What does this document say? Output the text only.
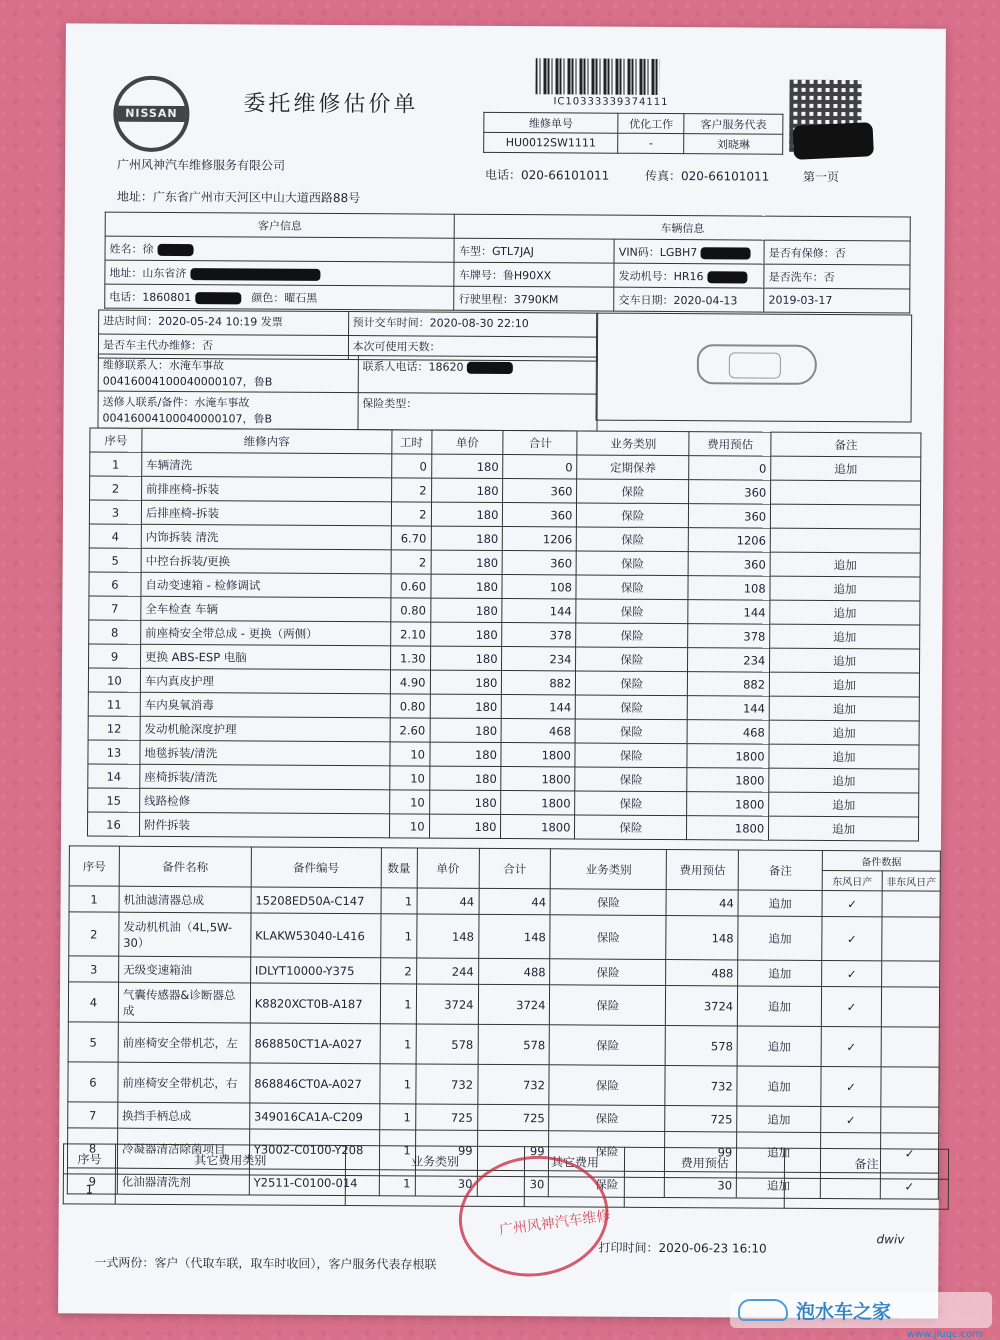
NISSAN	委托维修估价单	IC10333339374111
维修单号	优化工作	客户服务代表
HU0012SW1111	-	刘晓琳
广州风神汽车维修服务有限公司
电话：020-66101011	传真：020-66101011	第一页
地址：广东省广州市天河区中山大道西路88号
客户信息	车辆信息		
姓名：徐	车型：GTL7JAJ	VIN码：LGBH7	是否有保修：否
地址：山东省济	车牌号：鲁H90XX	发动机号：HR16	是否洗车：否
电话：1860801 颜色：曜石黑	行驶里程：3790KM	交车日期：2020-04-13	2019-03-17
进店时间：2020-05-24 10:19 发票	预计交车时间：2020-08-30 22:10
是否车主代办维修：否	本次可使用天数：
维修联系人：水淹车事故
00416004100040000107，鲁B	联系人电话：18620

送修人联系/备件：水淹车事故
00416004100040000107，鲁B	保险类型：
序号	维修内容	工时	单价	合计	业务类别	费用预估	备注
1	车辆清洗	0	180	0	定期保养	0	追加
2	前排座椅-拆装	2	180	360	保险	360	
3	后排座椅-拆装	2	180	360	保险	360	
4	内饰拆装 清洗	6.70	180	1206	保险	1206	
5	中控台拆装/更换	2	180	360	保险	360	追加
6	自动变速箱 - 检修调试	0.60	180	108	保险	108	追加
7	全车检查 车辆	0.80	180	144	保险	144	追加
8	前座椅安全带总成 - 更换（两侧）	2.10	180	378	保险	378	追加
9	更换 ABS-ESP 电脑	1.30	180	234	保险	234	追加
10	车内真皮护理	4.90	180	882	保险	882	追加
11	车内臭氧消毒	0.80	180	144	保险	144	追加
12	发动机舱深度护理	2.60	180	468	保险	468	追加
13	地毯拆装/清洗	10	180	1800	保险	1800	追加
14	座椅拆装/清洗	10	180	1800	保险	1800	追加
15	线路检修	10	180	1800	保险	1800	追加
16	附件拆装	10	180	1800	保险	1800	追加
序号	备件名称	备件编号	数量	单价	合计	业务类别	费用预估	备注	备件数据	
									东风日产	非东风日产
1	机油滤清器总成	15208ED50A-C147	1	44	44	保险	44	追加	✓	
2	发动机机油（4L,5W-30）	KLAKW53040-L416	1	148	148	保险	148	追加	✓	
3	无级变速箱油	IDLYT10000-Y375	2	244	488	保险	488	追加	✓	
4	气囊传感器&诊断器总成	K8820XCT0B-A187	1	3724	3724	保险	3724	追加	✓	
5	前座椅安全带机芯，左	868850CT1A-A027	1	578	578	保险	578	追加	✓	
6	前座椅安全带机芯，右	868846CT0A-A027	1	732	732	保险	732	追加	✓	
7	换挡手柄总成	349016CA1A-C209	1	725	725	保险	725	追加	✓	
8	冷凝器清洁除菌项目	Y3002-C0100-Y208	1	99	99	保险	99	追加		✓
9	化油器清洗剂	Y2511-C0100-014	1	30	30	保险	30	追加		✓
序号	其它费用类别	业务类别	其它费用	费用预估	备注
1					
广州风神汽车维修
打印时间：2020-06-23 16:10
dwiv
一式两份：客户（代取车联，取车时收回），客户服务代表存根联
泡水车之家
www.jluqc.com
